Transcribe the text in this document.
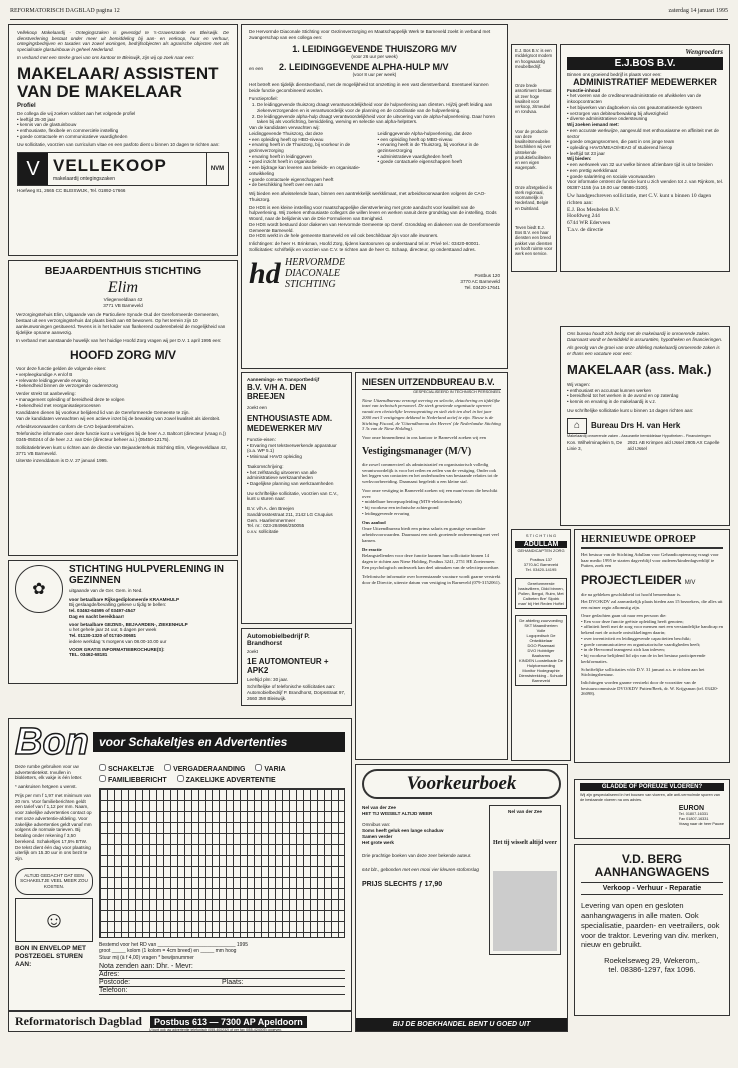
REFORMATORISCH DAGBLAD pagina 12	zaterdag 14 januari 1995
Vellekoop Makelaardij - Ontegingszaken is gevestigd te 's-Gravenzande en Bleiswijk. De dienstverlening bestaat onder meer uit bemiddeling bij aan- en verkoop, huur en verhuur, ontegingsbedrijven en taxaties van zowel woningen, bedrijfsobjecten als agrarische objecten met als specialisatie glastuinbouw in geheel Nederland.
In verband met een sterke groei van ons kantoor te Bleiswijk, zijn wij op zoek naar een:
MAKELAAR/ ASSISTENT VAN DE MAKELAAR
Profiel
De collega die wij zoeken voldoet aan het volgende profiel
• leeftijd 25-30 jaar
• kennis van de glastuinbouw
• enthousiaste, flexibele en commerciële instelling
• goede contactuele en communicatieve vaardigheden
Uw sollicitatie, voorzien van curriculum vitae en een pasfoto dient u binnen 10 dagen te richten aan:
V VELLEKOOP
makelaardij ontegingszaken
NVM
Hoefweg 81, 2665 CC BLEISWIJK, Tel. 01892-17666
De Hervormde Diaconale Stichting voor Gezinsverzorging en Maatschappelijk Werk te Barneveld zoekt in verband met zwangerschap van een collega een:
1. LEIDINGGEVENDE THUISZORG M/V
(voor 26 uur per week)
en een	2. LEIDINGGEVENDE ALPHA-HULP M/V
(voor 8 uur per week)
Het betreft een tijdelijk dienstverband, met de mogelijkheid tot omzetting in een vast dienstverband. Eventueel kunnen beide functie gecombineerd worden.
Functieprofiel:
1. De leidinggevende thuiszorg draagt verantwoordelijkheid voor de hulpverlening aan cliënten. Hij/zij geeft leiding aan ziekenverzorgenden en is verantwoordelijk voor de planning en de coördinatie van de hulpverlening.
2. De leidinggevende alpha-hulp draagt verantwoordelijkheid voor de uitvoering van de alpha-hulpverlening. Daar horen taken bij als voorlichting, bemiddeling, werving en selectie van alpha-helpsters.
Van de kandidaten verwachten wij:
Leidinggevende Thuiszorg, dat deze
• een opleiding heeft op HBO-niveau
• ervaring heeft in de Thuiszorg, bij voorkeur in de gezinsverzorging
• ervaring heeft in leidinggeven
• goed inzicht heeft in organisatie
• een bijdrage kan leveren aan beleids- en organisatie-ontwikkeling
• goede contactuele eigenschappen heeft
• de beschikking heeft over een auto
Leidinggevende Alpha-hulpverlening, dat deze
• een opleiding heeft op MBO-niveau
• ervaring heeft in de Thuiszorg, bij voorkeur in de gezinsverzorging
• administratieve vaardigheden heeft
• goede contactuele eigenschappen heeft
Wij bieden een afwisselende baan, binnen een aantrekkelijk werkklimaat, met arbeidsvoorwaarden volgens de CAO-Thuiszorg.
De HDS is een kleine instelling voor maatschappelijke dienstverlening met grote aandacht voor kwaliteit van de hulpverlening. Wij zoeken enthousiaste collega's die willen leven en werken vanuit deze grondslag van de instelling, Gods Woord, naar de belijdenis van de Drie Formulieren van Eenigheid.
De HDS wordt bestuurd door diakenen van Hervormde Gemeente op Geref. Grondslag en diakenen van de Gereformeerde Gemeente Barneveld.
De HDS werkt in de hele gemeente Barneveld en wil ook beschikbaar zijn voor alle inwoners.
Inlichtingen: de heer H. Brinkman, Hoofd Zorg, tijdens kantooruren op onderstaand tel.nr. Privé tel.: 03420-80001.
Sollicitaties: schriftelijk en voorzien van C.V. te richten aan de heer G. Schaap, directeur, op onderstaand adres.
hd HERVORMDE
DIACONALE
STICHTING
Postbus 120
3770 AC Barneveld
Tel. 03420-17641
E.J. Bos B.V. is een middelgroot modern en hoogwaardig meubelbedrijf.
Onze brede assortiment bestaat uit zeer hoge kwaliteit voor verkoop, zitmeubel en rondvaa.
Voor de productie van deze kwaliteitsmeubelen beschikken wij over uitstekende produktiefaciliteiten en een eigen wagenpark.
Onze afzetgebied is sterk regionaal, voornamelijk in Nederland, België en Duitsland.
Teven biedt E.J. Bos B.V. een haar diensten een breed pakket van diensten en hooft ruimte voor werk een service.
Wengroeders
E.J.BOS B.V.
Binnen ons groeiend bedrijf is plaats voor een:
ADMINISTRATIEF MEDEWERKER
Functie-inhoud
• het voeren van de crediteurenadministratie en afwikkelen van de inkoopcontracten
• het bijwerken van dagboeken via ons geautomatiseerde systeem
• verzorgen van debiteurbewaking bij afwezigheid
• diverse administratieve ondersteuning
Wij zoeken iemand met:
• een accurate werkwijze, aangevuld met enthousiasme en affiniteit met de sector
• goede omgangsvormen, die past in ons jonge team
• opleiding HAVO/MEAO/HEAO of studerend hierop
• leeftijd tot 23 jaar
Wij bieden:
• een werkweek van 32 uur welke binnen afzienbare tijd is uit te breiden
• een prettig werkklimaat
• goede salariëring en sociale voorwaarden
Voor informatie omtrent de functie kunt u zich wenden tot J. van Rijnkom, tel. 06387-1155 (na 19.00 uur 08686-3100).
Uw handgeschreven sollicitatie, met C.V. kunt u binnen 10 dagen richten aan:
E.J. Bos Meubelen B.V.
Hoofdweg 244
6744 WR Ederveen
T.a.v. de directie
BEJAARDENTHUIS STICHTING
Elim
Vliegenveldlaan 42
3771 VB Barneveld
Verzorgingstehuis Elim, Uitgaande van de Particuliere Synode Oud der Gereformeerde Gemeenten, bestaat uit een verzorgingstehuis dat plaats biedt aan 60 bewoners. Op het terrein zijn 10 aanleunwoningen gesitueerd. Tevens is in het kader van flankerend ouderenbeleid de mogelijkheid van tijdelijke opname aanwezig.
In verband met aanstaande huwelijk van het huidige Hoofd Zorg vragen wij per D.V. 1 april 1995 een:
HOOFD ZORG M/V
Voor deze functie gelden de volgende eisen:
• verpleegkundige A en/of B
• relevante leidinggevende ervaring
• bekendheid binnen de verzorgende ouderenzorg
Verder strekt tot aanbeveling:
• management opleiding of bereidheid deze te volgen
• bekendheid met reorganisatieprocessen
Kandidaten dienen bij voorkeur belijdend lid van de Gereformeerde Gemeente te zijn.
Van de kandidaten verwachten wij een actieve inzet bij de bewaking van zowel kwaliteit als identiteit.
Arbeidsvoorwaarden conform de CAO bejaardentehuizen.
Telefonische informatie over deze functie kunt u verkrijgen bij de heer A.J. Baltcort (directeur (vraag n.)) 0345-050244 of de heer J.J. van Drie (directeur beheer a.i.) (05450-12175).
Sollicitatiebrieven kunt u richten aan de directie van Bejaardentehuis Stichting Elim, Vliegenveldlaan 42, 3771 VB Barneveld.
Uiterste inzenddatum is D.V. 27 januari 1995.
Aannemings- en Transportbedrijf
B.V. V/H A. DEN BREEJEN
zoekt een
ENTHOUSIASTE ADM. MEDEWERKER M/V
Functie-eisen:
• Ervaring met tekstverwerkende apparatuur (o.a. WP 5.1)
• Minimaal HAVO opleiding
Taakomschrijving:
• het zelfstandig uitvoeren van alle administratieve werkzaamheden
• Dagelijkse planning van werkzaamheden
Uw schriftelijke sollicitatie, voorzien van C.V., kunt u sturen naar:
B.V. v/h A. den Breejen
Sanddrosstestraat 211, 2142 LG Cruquius
Gem. Haarlemmermeer
Tel. nr.: 023-284966/250055
o.v.v. sollicitatie
NIESEN UITZENDBUREAU B.V.
GESPECIALISEERD IN TECHNISCH PERSONEEL
Niese Uitzendbureau verzorgt werving en selectie, detachering en tijdelijke inzet van technisch personeel. De sterk groeiende organisatie opereert vanuit een christelijke levensopvatting en stelt zich ten doel in het jaar 2000 met 5 vestigingen dekkend in Nederland actief te zijn. Nieuw is de Stichting Fiscaal, de 'Uitzendbureau des Heeren' (de Nederlandse Stichting 3 3s van de Niese Holding).
Voor onze binnendienst in ons kantoor te Barneveld zoeken wij een
Vestigingsmanager (M/V)
die zowel commercieel als administratief en organisatorisch volledig verantwoordelijk is voor het reilen en zeilen van de vestiging. Onder ook het leggen van contacten en het onderhouden van bestaande relaties tot de werkvoorbereiding. Daarnaast begeleidt u een kleine staf.
Voor onze vestiging in Barneveld zoeken wij een man/vrouw die beschikt over:
• middelbare beroepsopleiding (MTS-elektrotechniek)
• bij voorkeur een technische achtergrond
• leidinggevende ervaring
Ons aanbod
Onze Uitzendbureau biedt een prima salaris en gunstige secundaire arbeidsvoorwaarden. Daarnaast een sterk groeiende onderneming met veel kansen.
De reactie
Belangstellenden voor deze functie kunnen hun sollicitatie binnen 14 dagen te richten aan Niese Holding, Postbus 3241, 2751 HE Zoetermeer. Een psychologisch onderzoek kan deel uitmaken van de selectieprocedure.
Telefonische informatie over bovenstaande vacature wordt gaarne verstrekt door de Directie, uiterste datum van vestiging in Barneveld (079-3152061).
✿
STICHTING HULPVERLENING IN GEZINNEN
uitgaande van de Ger. Gem. in Ned.
voor betaalbare Rijksgediplomeerde KRAAMHULP
Bij geslaagde/bevalling gelieve u tijdig te bellen:
tel. 03462-64595 of 03497-4547
Dag en nacht bereikbaar!
voor betaalbare GEZINS-, BEJAARDEN-, ZIEKENHULP
u het gehele jaar 24 uur, 5 dagen per week
Tel. 01130-1320 of 01740-30681
iedere werkdag 's morgens van 08.00-10.00 uur
VOOR GRATIS INFORMATIEBROCHURE(S):
TEL. 03462-68181
Automobielbedrijf P. Brandhorst
zoekt
1E AUTOMONTEUR + APK2
Leeftijd plm: 30 jaar.
Schriftelijke of telefonische sollicitaties aan: Automobielbedrijf P. Brandhorst, Dorpsstraat 97, 2660 3MI Bleiswijk.
S T I C H T I N G
ADULLAM
GEHANDICAPTEN ZORG
Postbus 137
3770 AC Barneveld
Tel. 03420-14195
Gereformeerde basisvilleen, Didd binnen, Pollen, Bergol, Ruim, Met Calbeten Bre' Slpdrk man' bij Het Reden Hoftel
De afdeling zuurvoeding
SKT Maandheriem
Volle
Logopedisch De Ontwikkelaar
DGO Plaamaat
DVO Hobbilger
Baaharms
KINDEN Loostelkade De Hulptoenoeding
Monitor Hodegraphie
Dienststrekking - Schude Barneveld
Ons bureau houdt zich bezig met de makelaardij in onroerende zaken. Daarnaast wordt er bemiddeld in assurantiën, hypotheken en financieringen.
Als gevolg van de groei van onze afdeling makelaardij onroerende zaken is er thans een vacature voor een:
MAKELAAR (ass. Mak.)
Wij vragen:
• enthousiast en accuraat kunnen werken
• bereidheid tot het werken in de avond en op zaterdag
• kennis en ervaring in de makelaardij is v.z.
Uw schriftelijke sollicitatie kunt u binnen 14 dagen richten aan:
⌂	Bureau Drs H. van Herk
Makelaardij onroerende zaken - Assurantie bemiddelaar Hypotheken - Financieringen
Kon. Wilhelminaplein 5, De Linie 3,
2921 AB Krimpen a/d IJssel 2905 AX Capelle a/d IJssel
HERNIEUWDE OPROEP
Het bestuur van de Stichting Adullam voor Gehandicaptenzorg vraagt voor haar medio 1995 te starten dagverblijf voor ouderen/kinderdagverblijf te Putten, zoek een
PROJECTLEIDER M/V
die na gebleken geschiktheid tot hoofd benoembaar is.
Het DVO/KDV zal aanvankelijk plaats bieden aan 15 bezoekers, die alles uit een ruimer regio afkomstig zijn.
Onze gedachten gaan uit naar een persoon die:
• Een voor deze functie geëiste opleiding heeft genoten;
• affiniteit heeft met de zorg voor mensen met een verstandelijke handicap en bekend met de actuele ontwikkelingen daarin;
• over inventiviteit en leidinggevende capaciteiten beschikt;
• goede communicatieve en organisatorische vaardigheden heeft;
• in de Hervormd teamgeest zich kan inleven;
• bij voorkeur belijdend lid zijn van de in het bestuur participerende kerkformaties.
Schriftelijke sollicitaties vóór D.V. 31 januari a.s. te richten aan het Stichtingsbestuur.
Inlichtingen worden gaarne verstrekt door de voorzitter van de bestuurscommissie DVO/KDV Putten/Beek, dr. W. Krijgsman (tel. 03420-26098).
Bon voor Schakeltjes en Advertenties
Deze rumbe gebruiken voor uw advertentietekst. Invullen in blokletters, elk vakje is één letter.
* aankruisen hetgeen u wenst.
Prijs per mm f 1,97 met minimum van 20 mm. Voor familieberichten geldt een tarief van f 1,12 per mm. Naam, voor zakelijke advertenties contact op met onze advertentie-afdeling. Voor zakelijke advertenties geldt vanaf mm volgens de normale tarieven. Bij betaling onder rekening f 3,50 berekend. Schakeltjes 17,5% BTW. De tekst dient één dag voor plaatsing uiterlijk om 15.30 uur in ons bezit te zijn.
ALTIJD GEDACHT DAT EEN SCHAKELTJE VEEL MEER ZOU KOSTEN.
☺
BON IN ENVELOP MET POSTZEGEL STUREN AAN:
SCHAKELTJE	VERGADERAANDING	VARIA
FAMILIEBERICHT	ZAKELIJKE ADVERTENTIE
Bestemd voor het RD van ____________________________ 1995
groot _____ kolom (1 kolom = 4cm breed) en _____ mm hoog
Stuur mij (à f 4,00) vragen * bewijsnummer
Nota zenden aan: Dhr. - Mevr:
Adres:
Postcode:	Plaats:
Telefoon:
Reformatorisch Dagblad	Postbus 613 — 7300 AP Apeldoorn
U kunt ook uw advertentie telefonisch (055-400232) of per fax (055-424005) opgeven.
Voorkeurboek
Nel van der Zee
HET TIJ WISSELT ALTIJD WEER
Omnibus van:
Soms heeft geluk een lange schaduw
Samen verder
Het grote werk
Drie prachtige boeken van deze zeer bekende auteur.
644 blz., gebonden met een mooi vier kleuren-stofomslag
PRIJS SLECHTS ƒ 17,90
Nel van der Zee
Het tij wisselt altijd weer
BIJ DE BOEKHANDEL BENT U GOED UIT
GLADDE OF POREUZE VLOEREN?
Wij zijn gespecialiseerd in het bouwen van vloeren, alle anti-vermolmde sporen van de bestaande vloeren na ons advies.
EURON
Tel. 01807-16331
Fax 01807-16331
Vraag naar de heer Pauwe
V.D. BERG AANHANGWAGENS
Verkoop - Verhuur - Reparatie
Levering van open en gesloten aanhangwagens in alle maten. Ook specialisatie, paarden- en veetrailers, ook voor de traktor. Levering van div. merken, nieuw en gebruikt.
Roekelseweg 29, Wekerom,.
tel. 08386-1297, fax 1096.
